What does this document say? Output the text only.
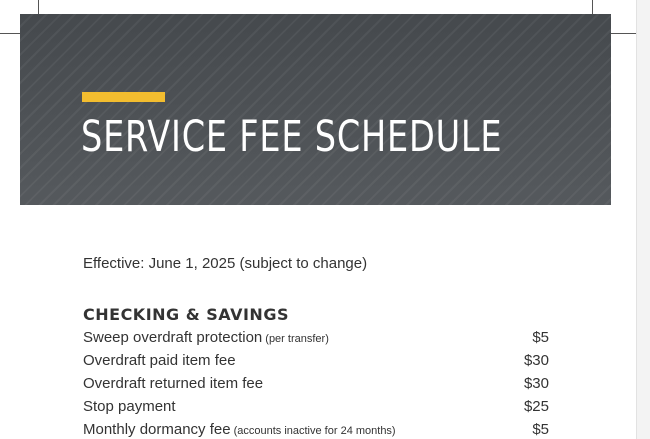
SERVICE FEE SCHEDULE
Effective: June 1, 2025 (subject to change)
CHECKING & SAVINGS
Sweep overdraft protection (per transfer)	$5
Overdraft paid item fee	$30
Overdraft returned item fee	$30
Stop payment	$25
Monthly dormancy fee (accounts inactive for 24 months)	$5
